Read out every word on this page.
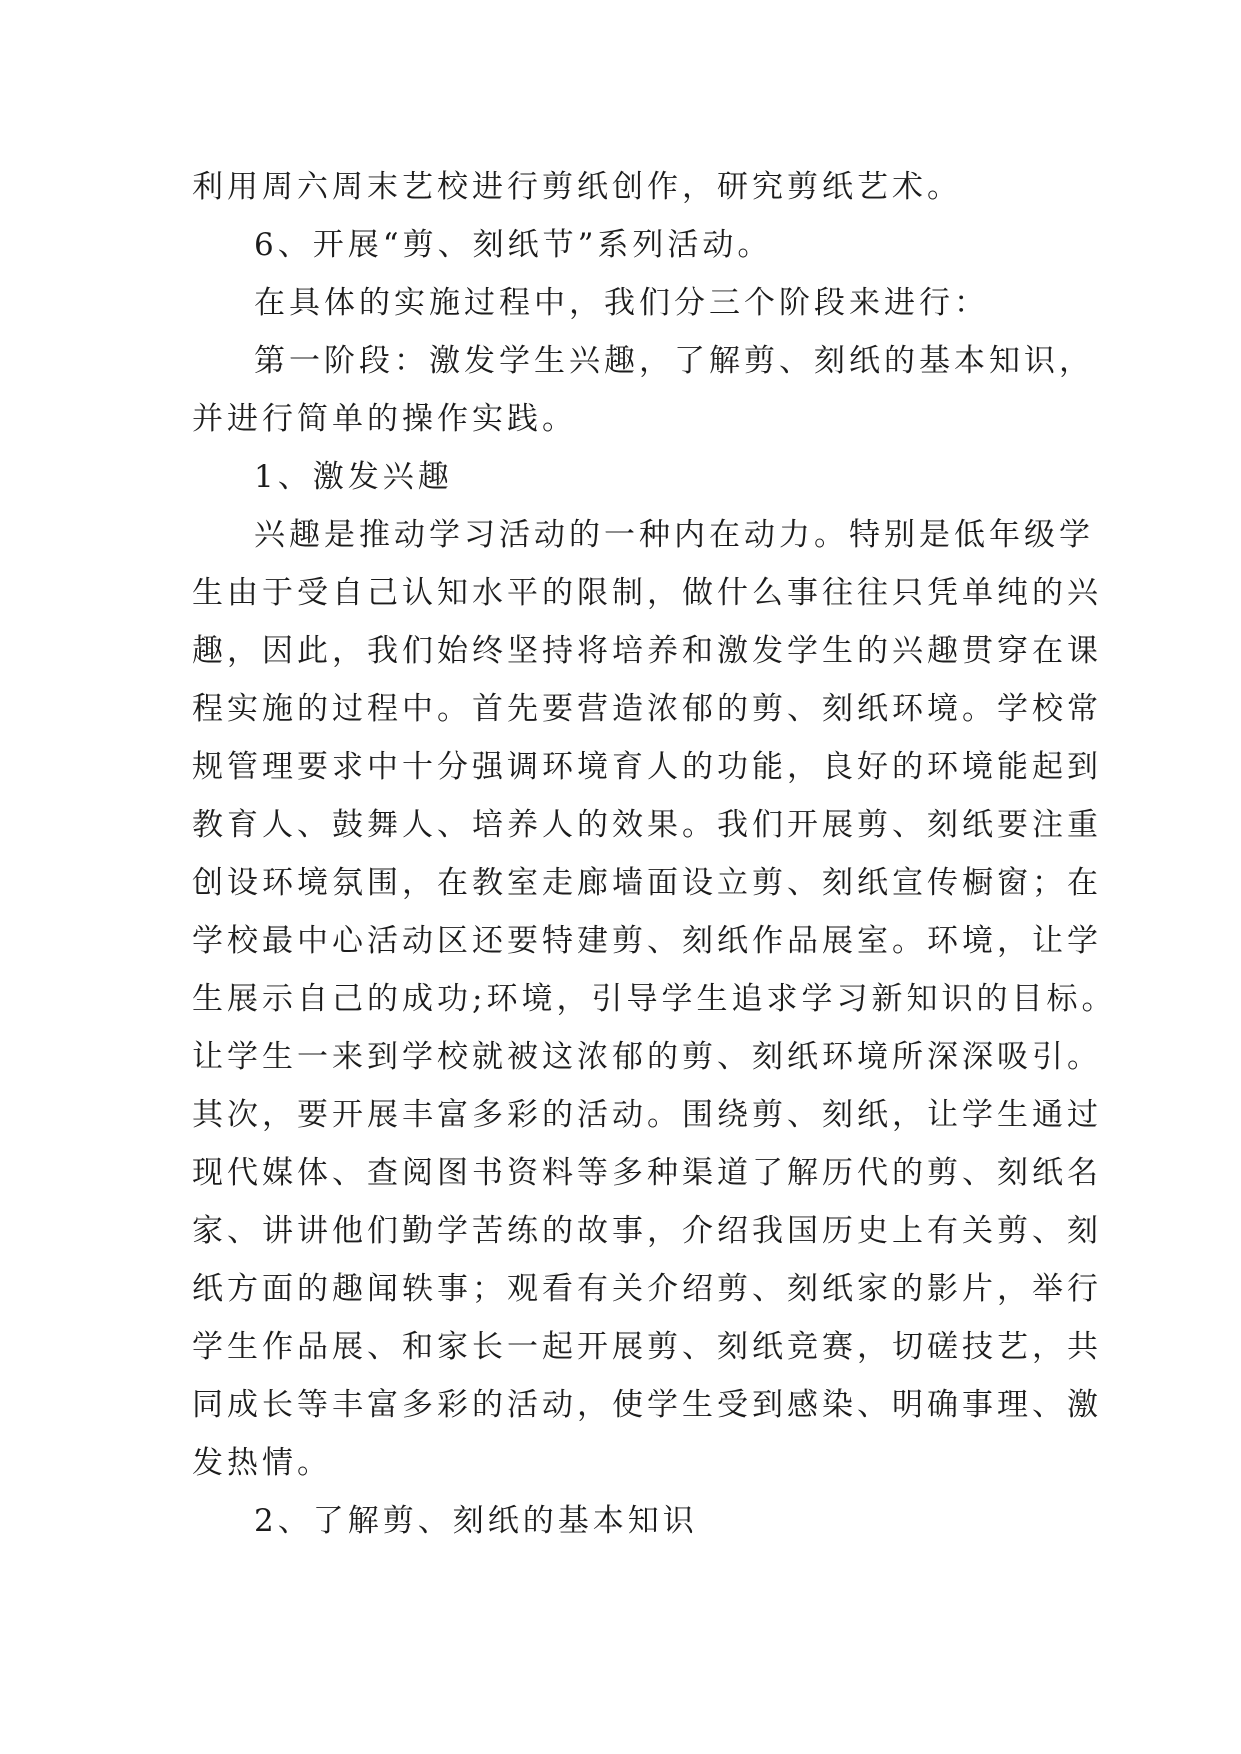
利用周六周末艺校进行剪纸创作，研究剪纸艺术。
6、开展“剪、刻纸节”系列活动。
在具体的实施过程中，我们分三个阶段来进行：
第一阶段：激发学生兴趣，了解剪、刻纸的基本知识，
并进行简单的操作实践。
1、激发兴趣
兴趣是推动学习活动的一种内在动力。特别是低年级学
生由于受自己认知水平的限制，做什么事往往只凭单纯的兴
趣，因此，我们始终坚持将培养和激发学生的兴趣贯穿在课
程实施的过程中。首先要营造浓郁的剪、刻纸环境。学校常
规管理要求中十分强调环境育人的功能，良好的环境能起到
教育人、鼓舞人、培养人的效果。我们开展剪、刻纸要注重
创设环境氛围，在教室走廊墙面设立剪、刻纸宣传橱窗；在
学校最中心活动区还要特建剪、刻纸作品展室。环境，让学
生展示自己的成功;环境，引导学生追求学习新知识的目标。
让学生一来到学校就被这浓郁的剪、刻纸环境所深深吸引。
其次，要开展丰富多彩的活动。围绕剪、刻纸，让学生通过
现代媒体、查阅图书资料等多种渠道了解历代的剪、刻纸名
家、讲讲他们勤学苦练的故事，介绍我国历史上有关剪、刻
纸方面的趣闻轶事；观看有关介绍剪、刻纸家的影片，举行
学生作品展、和家长一起开展剪、刻纸竞赛，切磋技艺，共
同成长等丰富多彩的活动，使学生受到感染、明确事理、激
发热情。
2、了解剪、刻纸的基本知识
